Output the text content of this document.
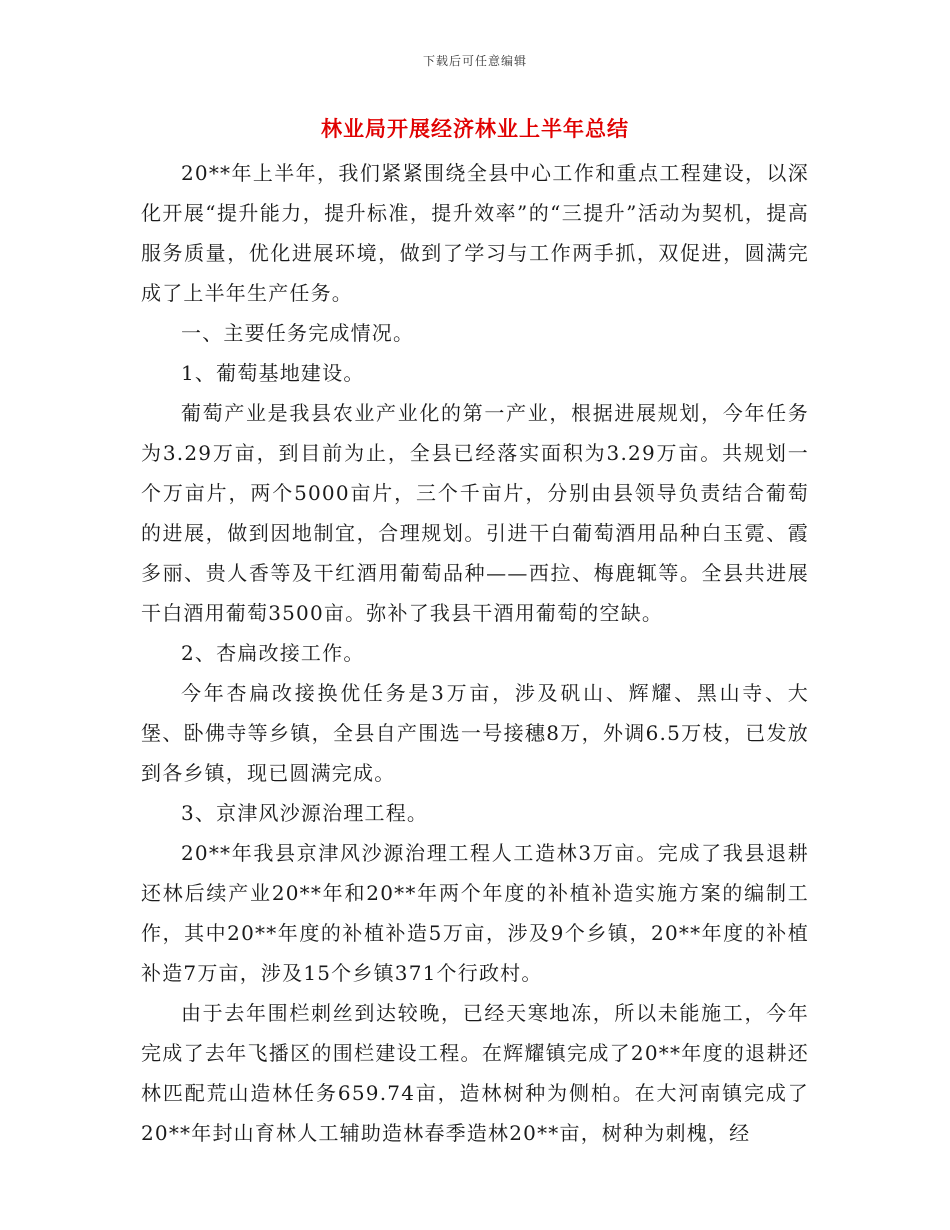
下载后可任意编辑
林业局开展经济林业上半年总结

20**年上半年，我们紧紧围绕全县中心工作和重点工程建设，以深化开展“提升能力，提升标准，提升效率”的“三提升”活动为契机，提高服务质量，优化进展环境，做到了学习与工作两手抓，双促进，圆满完成了上半年生产任务。

一、主要任务完成情况。

1、葡萄基地建设。

葡萄产业是我县农业产业化的第一产业，根据进展规划，今年任务为3.29万亩，到目前为止，全县已经落实面积为3.29万亩。共规划一个万亩片，两个5000亩片，三个千亩片，分别由县领导负责结合葡萄的进展，做到因地制宜，合理规划。引进干白葡萄酒用品种白玉霓、霞多丽、贵人香等及干红酒用葡萄品种——西拉、梅鹿辄等。全县共进展干白酒用葡萄3500亩。弥补了我县干酒用葡萄的空缺。

2、杏扁改接工作。

今年杏扁改接换优任务是3万亩，涉及矾山、辉耀、黑山寺、大堡、卧佛寺等乡镇，全县自产围选一号接穗8万，外调6.5万枝，已发放到各乡镇，现已圆满完成。

3、京津风沙源治理工程。

20**年我县京津风沙源治理工程人工造林3万亩。完成了我县退耕还林后续产业20**年和20**年两个年度的补植补造实施方案的编制工作，其中20**年度的补植补造5万亩，涉及9个乡镇，20**年度的补植补造7万亩，涉及15个乡镇371个行政村。

由于去年围栏刺丝到达较晚，已经天寒地冻，所以未能施工，今年完成了去年飞播区的围栏建设工程。在辉耀镇完成了20**年度的退耕还林匹配荒山造林任务659.74亩，造林树种为侧柏。在大河南镇完成了20**年封山育林人工辅助造林春季造林20**亩，树种为刺槐，经
